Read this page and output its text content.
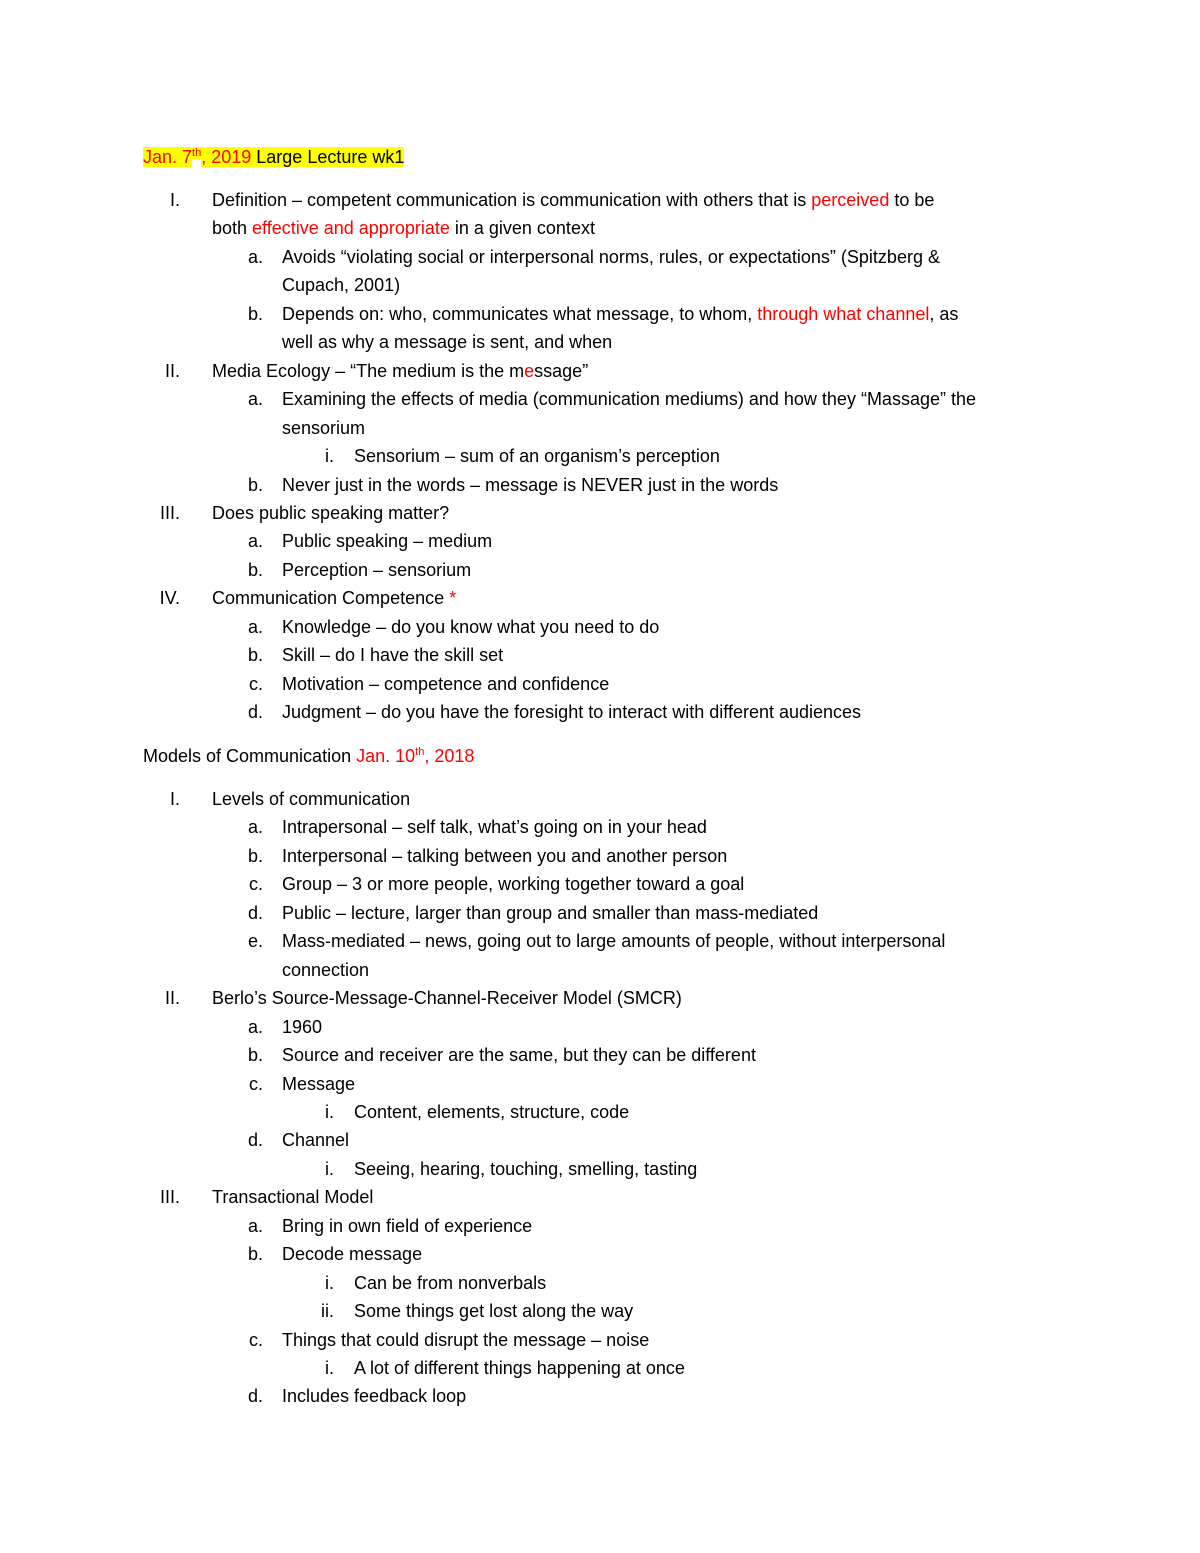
Jan. 7th, 2019 Large Lecture wk1
I. Definition – competent communication is communication with others that is perceived to be
both effective and appropriate in a given context
a. Avoids “violating social or interpersonal norms, rules, or expectations” (Spitzberg &
Cupach, 2001)
b. Depends on: who, communicates what message, to whom, through what channel, as
well as why a message is sent, and when
II. Media Ecology – “The medium is the message”
a. Examining the effects of media (communication mediums) and how they “Massage” the
sensorium
i. Sensorium – sum of an organism’s perception
b. Never just in the words – message is NEVER just in the words
III. Does public speaking matter?
a. Public speaking – medium
b. Perception – sensorium
IV. Communication Competence *
a. Knowledge – do you know what you need to do
b. Skill – do I have the skill set
c. Motivation – competence and confidence
d. Judgment – do you have the foresight to interact with different audiences
Models of Communication Jan. 10th, 2018
I. Levels of communication
a. Intrapersonal – self talk, what’s going on in your head
b. Interpersonal – talking between you and another person
c. Group – 3 or more people, working together toward a goal
d. Public – lecture, larger than group and smaller than mass-mediated
e. Mass-mediated – news, going out to large amounts of people, without interpersonal
connection
II. Berlo’s Source-Message-Channel-Receiver Model (SMCR)
a. 1960
b. Source and receiver are the same, but they can be different
c. Message
i. Content, elements, structure, code
d. Channel
i. Seeing, hearing, touching, smelling, tasting
III. Transactional Model
a. Bring in own field of experience
b. Decode message
i. Can be from nonverbals
ii. Some things get lost along the way
c. Things that could disrupt the message – noise
i. A lot of different things happening at once
d. Includes feedback loop
